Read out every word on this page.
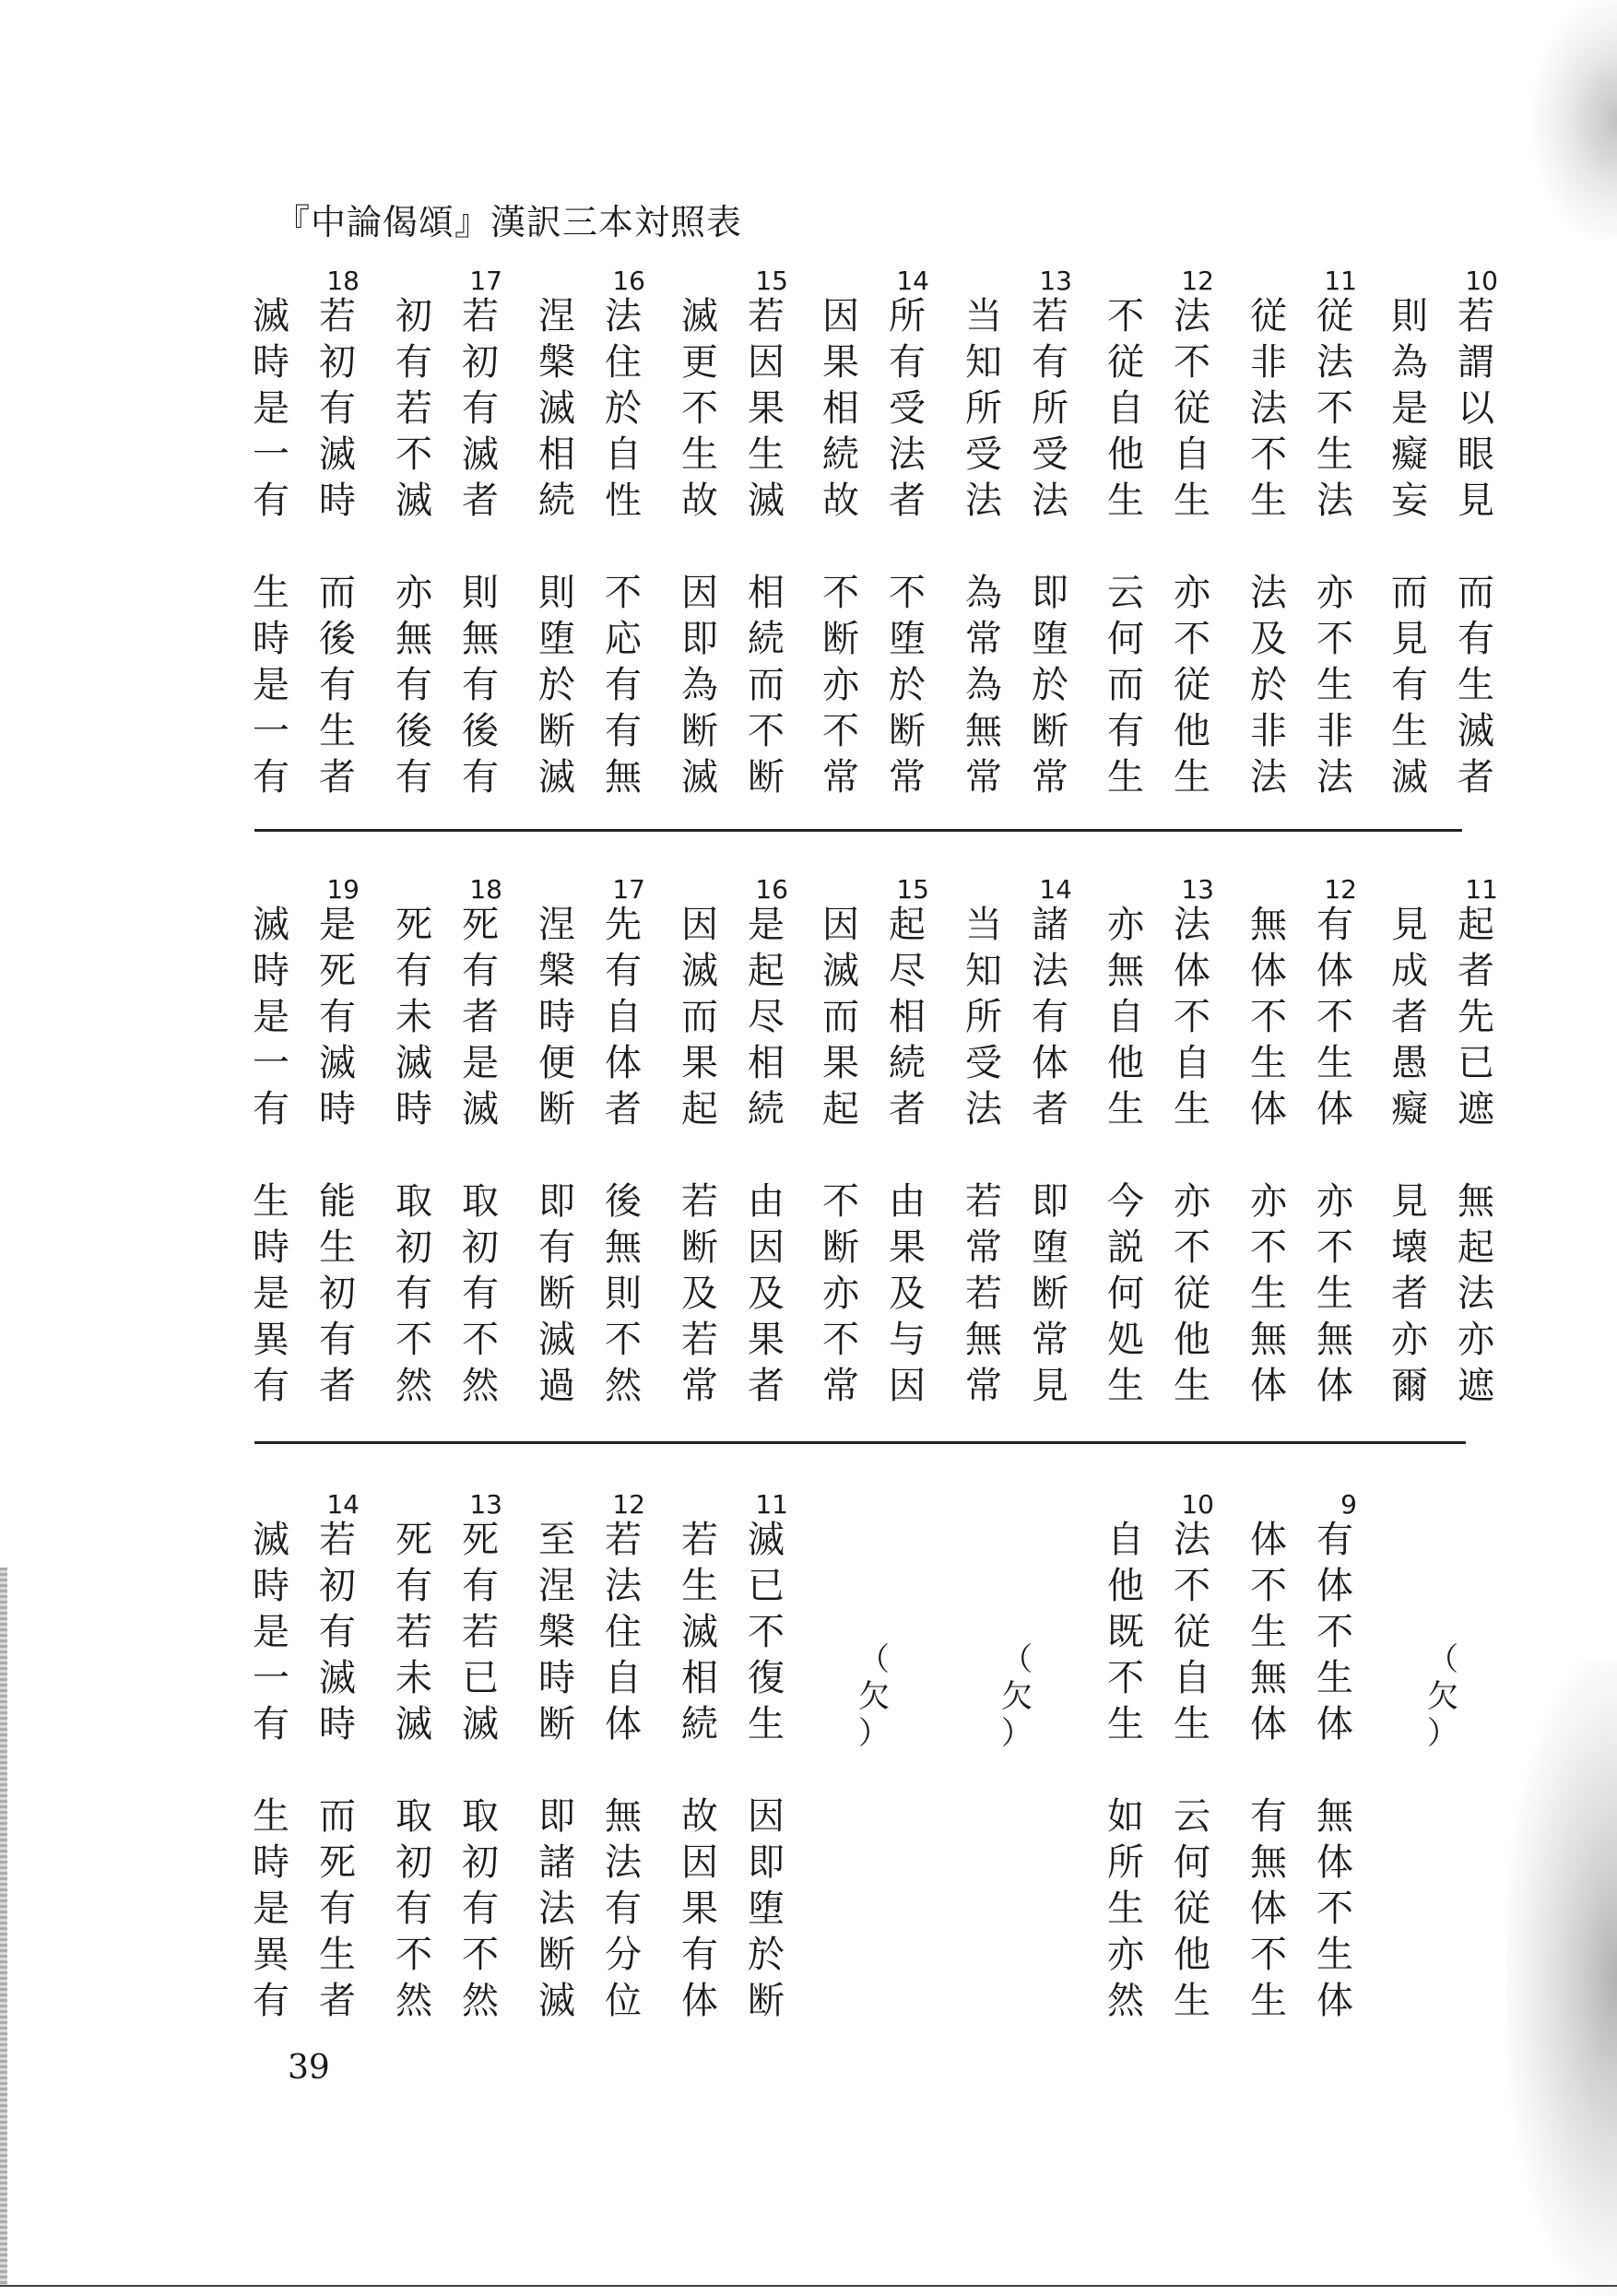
『中論偈頌』漢訳三本対照表
18
滅 若
時 初
是 有
一 滅
有 時
生 而
時 後
是 有
一 生
有 者
17
初 若
有 初
若 有
不 滅
滅 者
亦 則
無 無
有 有
後 後
有 有
16
涅 法
槃 住
滅 於
相 自
続 性
則 不
堕 応
於 有
断 有
滅 無
15
滅 若
更 因
不 果
生 生
故 滅
因 相
即 続
為 而
断 不
滅 断
14
因 所
果 有
相 受
続 法
故 者
不 不
断 堕
亦 於
不 断
常 常
13
当 若
知 有
所 所
受 受
法 法
為 即
常 堕
為 於
無 断
常 常
12
不 法
従 不
自 従
他 自
生 生
云 亦
何 不
而 従
有 他
生 生
11
従 従
非 法
法 不
不 生
生 法
法 亦
及 不
於 生
非 非
法 法
10
則 若
為 謂
是 以
癡 眼
妄 見
而 而
見 有
有 生
生 滅
滅 者
19
滅 是
時 死
是 有
一 滅
有 時
生 能
時 生
是 初
異 有
有 者
18
死 死
有 有
未 者
滅 是
時 滅
取 取
初 初
有 有
不 不
然 然
17
涅 先
槃 有
時 自
便 体
断 者
即 後
有 無
断 則
滅 不
過 然
16
因 是
滅 起
而 尽
果 相
起 続
若 由
断 因
及 及
若 果
常 者
15
因 起
滅 尽
而 相
果 続
起 者
不 由
断 果
亦 及
不 与
常 因
14
当 諸
知 法
所 有
受 体
法 者
若 即
常 堕
若 断
無 常
常 見
13
亦 法
無 体
自 不
他 自
生 生
今 亦
説 不
何 従
処 他
生 生
12
無 有
体 体
不 不
生 生
体 体
亦 亦
不 不
生 生
無 無
体 体
11
見 起
成 者
者 先
愚 已
癡 遮
見 無
壊 起
者 法
亦 亦
爾 遮
14
滅 若
時 初
是 有
一 滅
有 時
生 而
時 死
是 有
異 生
有 者
13
死 死
有 有
若 若
未 已
滅 滅
取 取
初 初
有 有
不 不
然 然
12
至 若
涅 法
槃 住
時 自
断 体
即 無
諸 法
法 有
断 分
滅 位
11
若 滅
生 已
滅 不
相 復
続 生
故 因
因 即
果 堕
有 於
体 断
（
欠
）
（
欠
）
10
自 法
他 不
既 従
不 自
生 生
如 云
所 何
生 従
亦 他
然 生
9
体 有
不 体
生 不
無 生
体 体
有 無
無 体
体 不
不 生
生 体
（
欠
）
39
